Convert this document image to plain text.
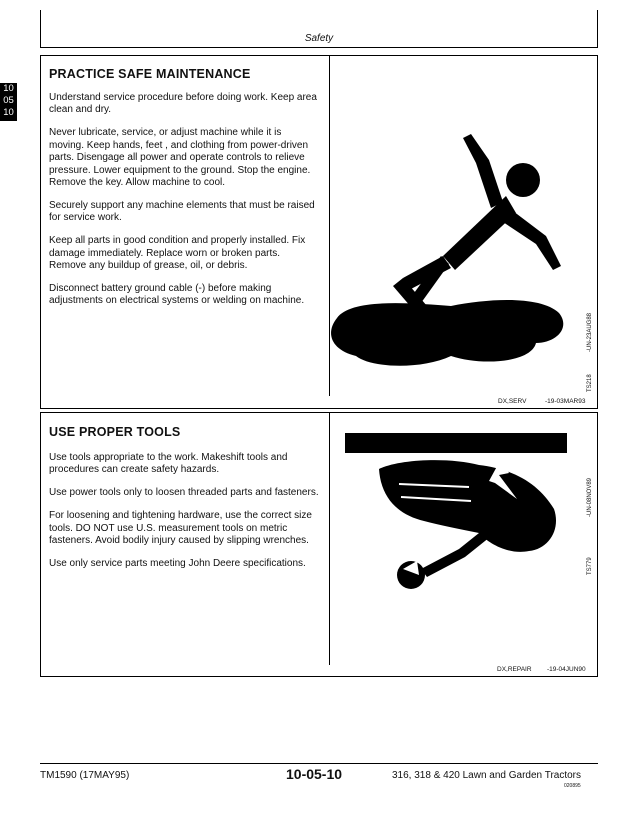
Safety
10
05
10
PRACTICE SAFE MAINTENANCE

Understand service procedure before doing work. Keep area clean and dry.

Never lubricate, service, or adjust machine while it is moving. Keep hands, feet , and clothing from power-driven parts. Disengage all power and operate controls to relieve pressure. Lower equipment to the ground. Stop the engine. Remove the key. Allow machine to cool.

Securely support any machine elements that must be raised for service work.

Keep all parts in good condition and properly installed. Fix damage immediately. Replace worn or broken parts. Remove any buildup of grease, oil, or debris.

Disconnect battery ground cable (-) before making adjustments on electrical systems or welding on machine.

TS218
-UN-23AUG88
DX,SERV	-19-03MAR93
USE PROPER TOOLS

Use tools appropriate to the work. Makeshift tools and procedures can create safety hazards.

Use power tools only to loosen threaded parts and fasteners.

For loosening and tightening hardware, use the correct size tools. DO NOT use U.S. measurement tools on metric fasteners. Avoid bodily injury caused by slipping wrenches.

Use only service parts meeting John Deere specifications.	TS779
-UN-08NOV89
DX,REPAIR -19-04JUN90
TM1590 (17MAY95)	10-05-10	316, 318 & 420 Lawn and Garden Tractors
020895
